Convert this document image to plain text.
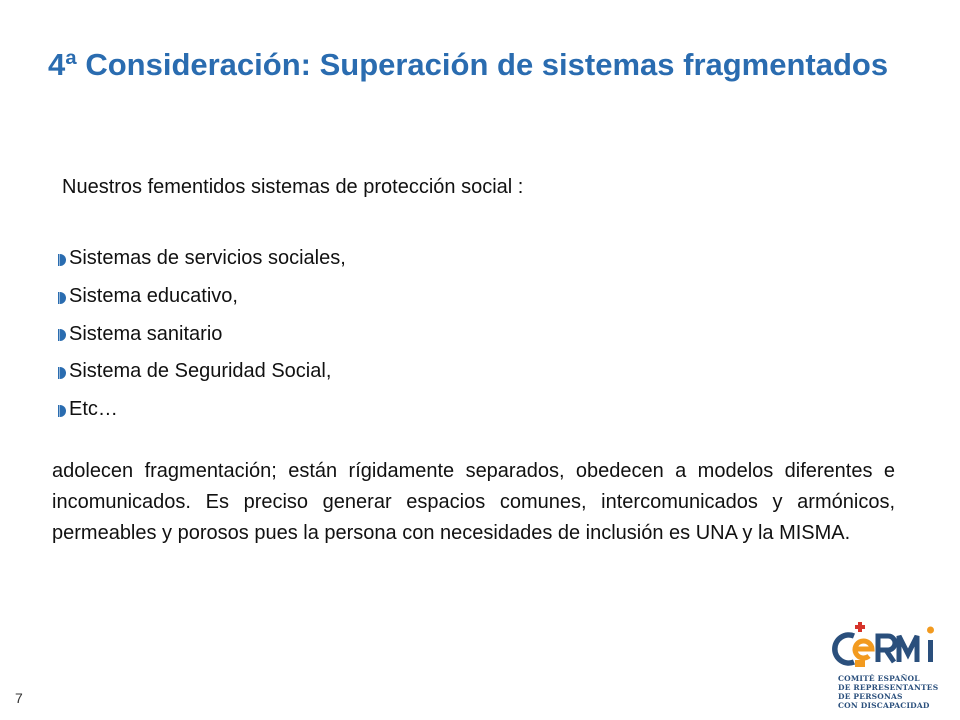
4ª Consideración: Superación de sistemas fragmentados

Nuestros fementidos sistemas de protección social :

Sistemas de servicios sociales,
Sistema educativo,
Sistema sanitario
Sistema de Seguridad Social,
Etc…

adolecen fragmentación; están rígidamente separados, obedecen a modelos diferentes e incomunicados. Es preciso generar espacios comunes, intercomunicados y armónicos, permeables y porosos pues la persona con necesidades de inclusión es UNA y la MISMA.

7
COMITÉ ESPAÑOL
DE REPRESENTANTES
DE PERSONAS
CON DISCAPACIDAD
